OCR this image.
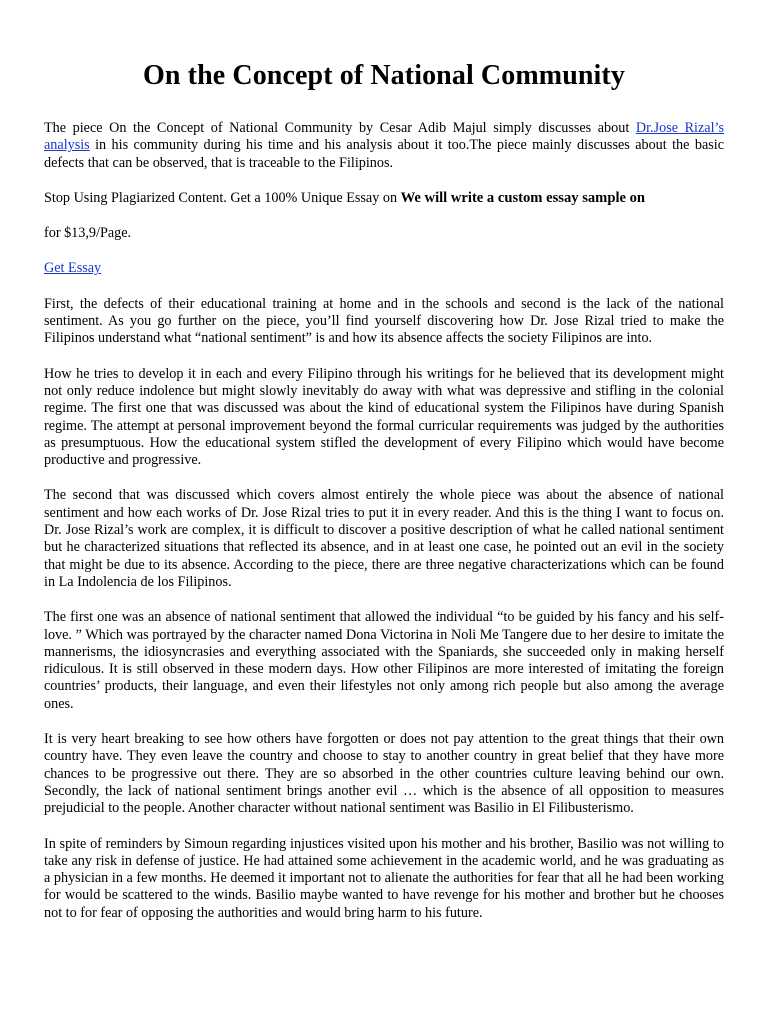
On the Concept of National Community

The piece On the Concept of National Community by Cesar Adib Majul simply discusses about Dr.Jose Rizal’s analysis in his community during his time and his analysis about it too.The piece mainly discusses about the basic defects that can be observed, that is traceable to the Filipinos.

Stop Using Plagiarized Content. Get a 100% Unique Essay on We will write a custom essay sample on

for $13,9/Page.

Get Essay

First, the defects of their educational training at home and in the schools and second is the lack of the national sentiment. As you go further on the piece, you’ll find yourself discovering how Dr. Jose Rizal tried to make the Filipinos understand what “national sentiment” is and how its absence affects the society Filipinos are into.

How he tries to develop it in each and every Filipino through his writings for he believed that its development might not only reduce indolence but might slowly inevitably do away with what was depressive and stifling in the colonial regime. The first one that was discussed was about the kind of educational system the Filipinos have during Spanish regime. The attempt at personal improvement beyond the formal curricular requirements was judged by the authorities as presumptuous. How the educational system stifled the development of every Filipino which would have become productive and progressive.

The second that was discussed which covers almost entirely the whole piece was about the absence of national sentiment and how each works of Dr. Jose Rizal tries to put it in every reader. And this is the thing I want to focus on. Dr. Jose Rizal’s work are complex, it is difficult to discover a positive description of what he called national sentiment but he characterized situations that reflected its absence, and in at least one case, he pointed out an evil in the society that might be due to its absence. According to the piece, there are three negative characterizations which can be found in La Indolencia de los Filipinos.

The first one was an absence of national sentiment that allowed the individual “to be guided by his fancy and his self-love. ” Which was portrayed by the character named Dona Victorina in Noli Me Tangere due to her desire to imitate the mannerisms, the idiosyncrasies and everything associated with the Spaniards, she succeeded only in making herself ridiculous. It is still observed in these modern days. How other Filipinos are more interested of imitating the foreign countries’ products, their language, and even their lifestyles not only among rich people but also among the average ones.

It is very heart breaking to see how others have forgotten or does not pay attention to the great things that their own country have. They even leave the country and choose to stay to another country in great belief that they have more chances to be progressive out there. They are so absorbed in the other countries culture leaving behind our own. Secondly, the lack of national sentiment brings another evil … which is the absence of all opposition to measures prejudicial to the people. Another character without national sentiment was Basilio in El Filibusterismo.

In spite of reminders by Simoun regarding injustices visited upon his mother and his brother, Basilio was not willing to take any risk in defense of justice. He had attained some achievement in the academic world, and he was graduating as a physician in a few months. He deemed it important not to alienate the authorities for fear that all he had been working for would be scattered to the winds. Basilio maybe wanted to have revenge for his mother and brother but he chooses not to for fear of opposing the authorities and would bring harm to his future.
